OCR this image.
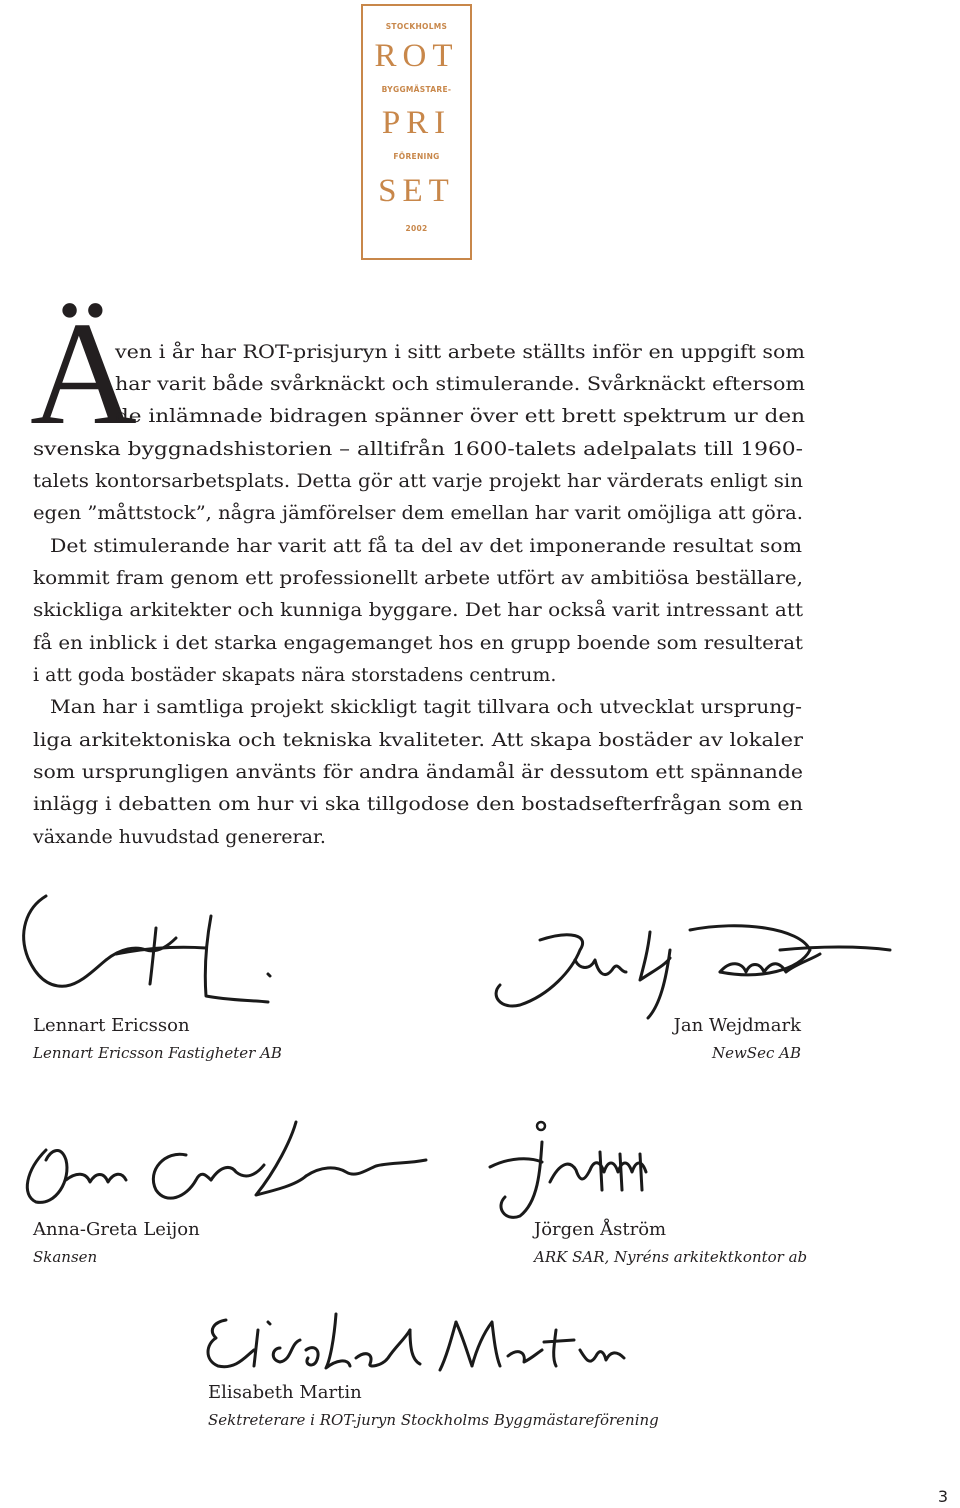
STOCKHOLMS
ROT
BYGGMÄSTARE-
PRI
FÖRENING
SET
2002
Ä
ven i år har ROT-prisjuryn i sitt arbete ställts inför en uppgift som
har varit både svårknäckt och stimulerande. Svårknäckt eftersom
de inlämnade bidragen spänner över ett brett spektrum ur den
svenska byggnadshistorien – alltifrån 1600-talets adelpalats till 1960-
talets kontorsarbetsplats. Detta gör att varje projekt har värderats enligt sin
egen ”måttstock”, några jämförelser dem emellan har varit omöjliga att göra.
Det stimulerande har varit att få ta del av det imponerande resultat som
kommit fram genom ett professionellt arbete utfört av ambitiösa beställare,
skickliga arkitekter och kunniga byggare. Det har också varit intressant att
få en inblick i det starka engagemanget hos en grupp boende som resulterat
i att goda bostäder skapats nära storstadens centrum.
Man har i samtliga projekt skickligt tagit tillvara och utvecklat ursprung-
liga arkitektoniska och tekniska kvaliteter. Att skapa bostäder av lokaler
som ursprungligen använts för andra ändamål är dessutom ett spännande
inlägg i debatten om hur vi ska tillgodose den bostadsefterfrågan som en
växande huvudstad genererar.
Lennart Ericsson
Lennart Ericsson Fastigheter AB
Jan Wejdmark
NewSec AB
Anna-Greta Leijon
Skansen
Jörgen Åström
ARK SAR, Nyréns arkitektkontor ab
Elisabeth Martin
Sektreterare i ROT-juryn Stockholms Byggmästareförening
3
